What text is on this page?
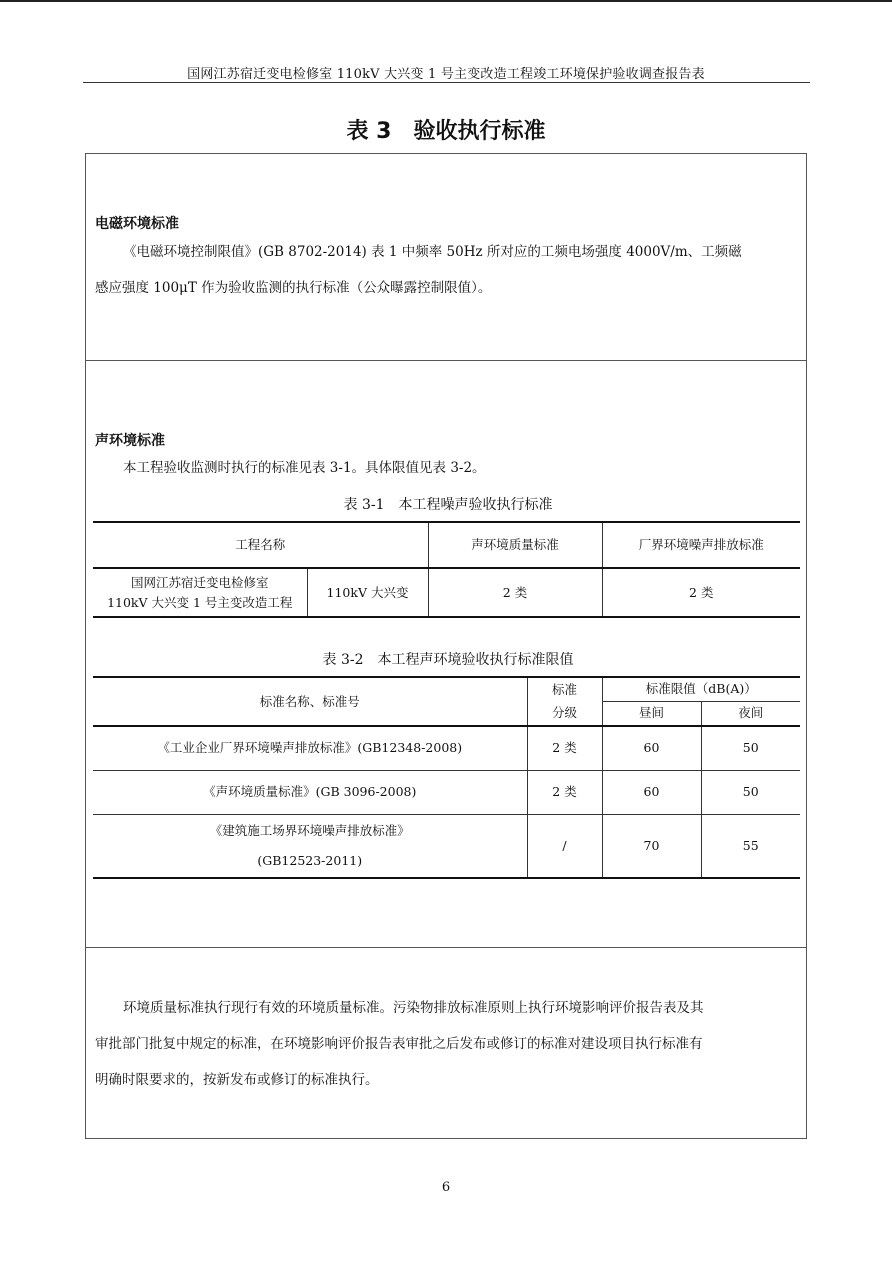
国网江苏宿迁变电检修室 110kV 大兴变 1 号主变改造工程竣工环境保护验收调查报告表
表 3 验收执行标准
电磁环境标准
《电磁环境控制限值》(GB 8702-2014) 表 1 中频率 50Hz 所对应的工频电场强度 4000V/m、工频磁
感应强度 100μT 作为验收监测的执行标准（公众曝露控制限值）。
声环境标准
本工程验收监测时执行的标准见表 3-1。具体限值见表 3-2。
表 3-1 本工程噪声验收执行标准
工程名称		声环境质量标准	厂界环境噪声排放标准

国网江苏宿迁变电检修室
110kV 大兴变 1 号主变改造工程	110kV 大兴变	2 类	2 类
表 3-2 本工程声环境验收执行标准限值
标准名称、标准号	标准	标准限值（dB(A)）	
	分级	昼间	夜间
《工业企业厂界环境噪声排放标准》(GB12348-2008)	2 类	60	50
《声环境质量标准》(GB 3096-2008)	2 类	60	50

《建筑施工场界环境噪声排放标准》
(GB12523-2011)	/	70	55
环境质量标准执行现行有效的环境质量标准。污染物排放标准原则上执行环境影响评价报告表及其
审批部门批复中规定的标准，在环境影响评价报告表审批之后发布或修订的标准对建设项目执行标准有
明确时限要求的，按新发布或修订的标准执行。
6
